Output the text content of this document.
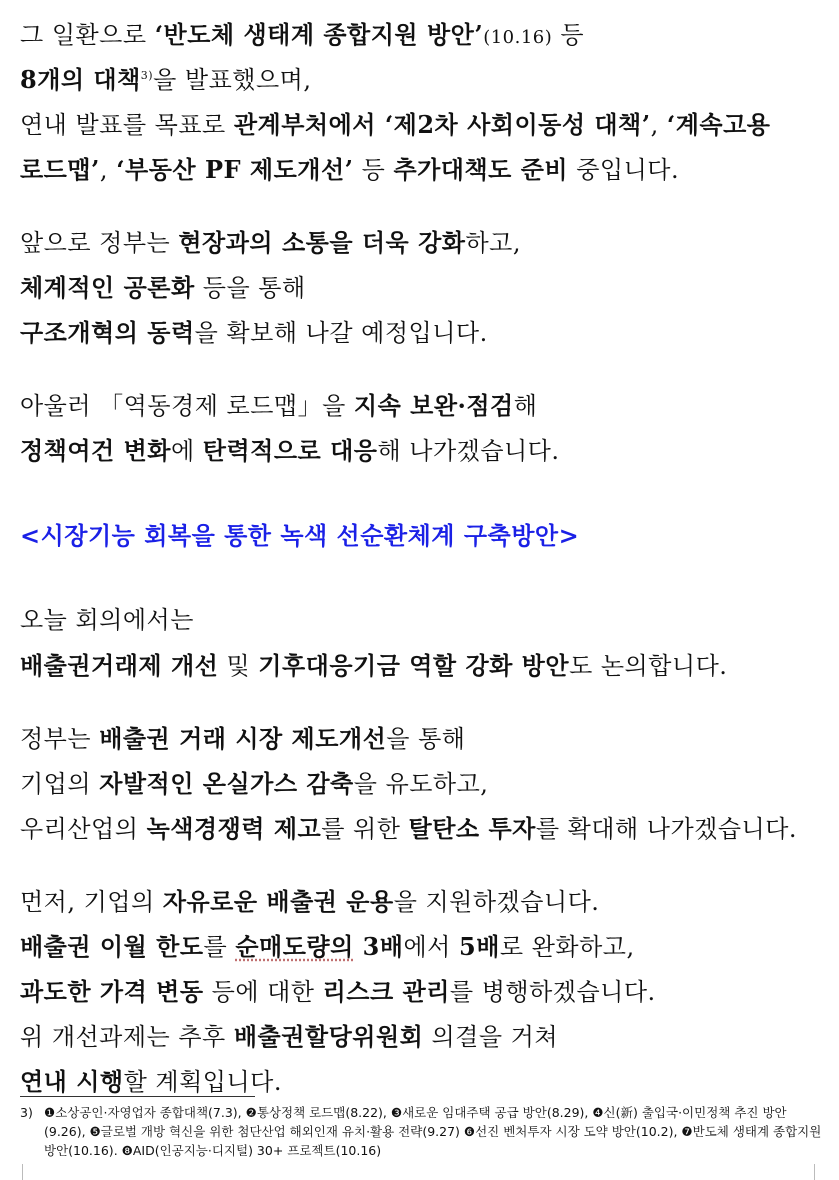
그 일환으로 ‘반도체 생태계 종합지원 방안’(10.16) 등
8개의 대책$^{3)}$을 발표했으며,
연내 발표를 목표로 관계부처에서 ‘제2차 사회이동성 대책’, ‘계속고용
로드맵’, ‘부동산 PF 제도개선’ 등 추가대책도 준비 중입니다.
앞으로 정부는 현장과의 소통을 더욱 강화하고,
체계적인 공론화 등을 통해
구조개혁의 동력을 확보해 나갈 예정입니다.
아울러 「역동경제 로드맵」을 지속 보완·점검해
정책여건 변화에 탄력적으로 대응해 나가겠습니다.
<시장기능 회복을 통한 녹색 선순환체계 구축방안>
오늘 회의에서는
배출권거래제 개선 및 기후대응기금 역할 강화 방안도 논의합니다.
정부는 배출권 거래 시장 제도개선을 통해
기업의 자발적인 온실가스 감축을 유도하고,
우리산업의 녹색경쟁력 제고를 위한 탈탄소 투자를 확대해 나가겠습니다.
먼저, 기업의 자유로운 배출권 운용을 지원하겠습니다.
배출권 이월 한도를 순매도량의 3배에서 5배로 완화하고,
과도한 가격 변동 등에 대한 리스크 관리를 병행하겠습니다.
위 개선과제는 추후 배출권할당위원회 의결을 거쳐
연내 시행할 계획입니다.
3) ❶소상공인·자영업자 종합대책(7.3), ❷통상정책 로드맵(8.22), ❸새로운 임대주택 공급 방안(8.29), ❹신(新) 출입국·이민정책 추진 방안(9.26), ❺글로벌 개방 혁신을 위한 첨단산업 해외인재 유치·활용 전략(9.27) ❻선진 벤처투자 시장 도약 방안(10.2), ❼반도체 생태계 종합지원 방안(10.16). ❽AID(인공지능·디지털) 30+ 프로젝트(10.16)
